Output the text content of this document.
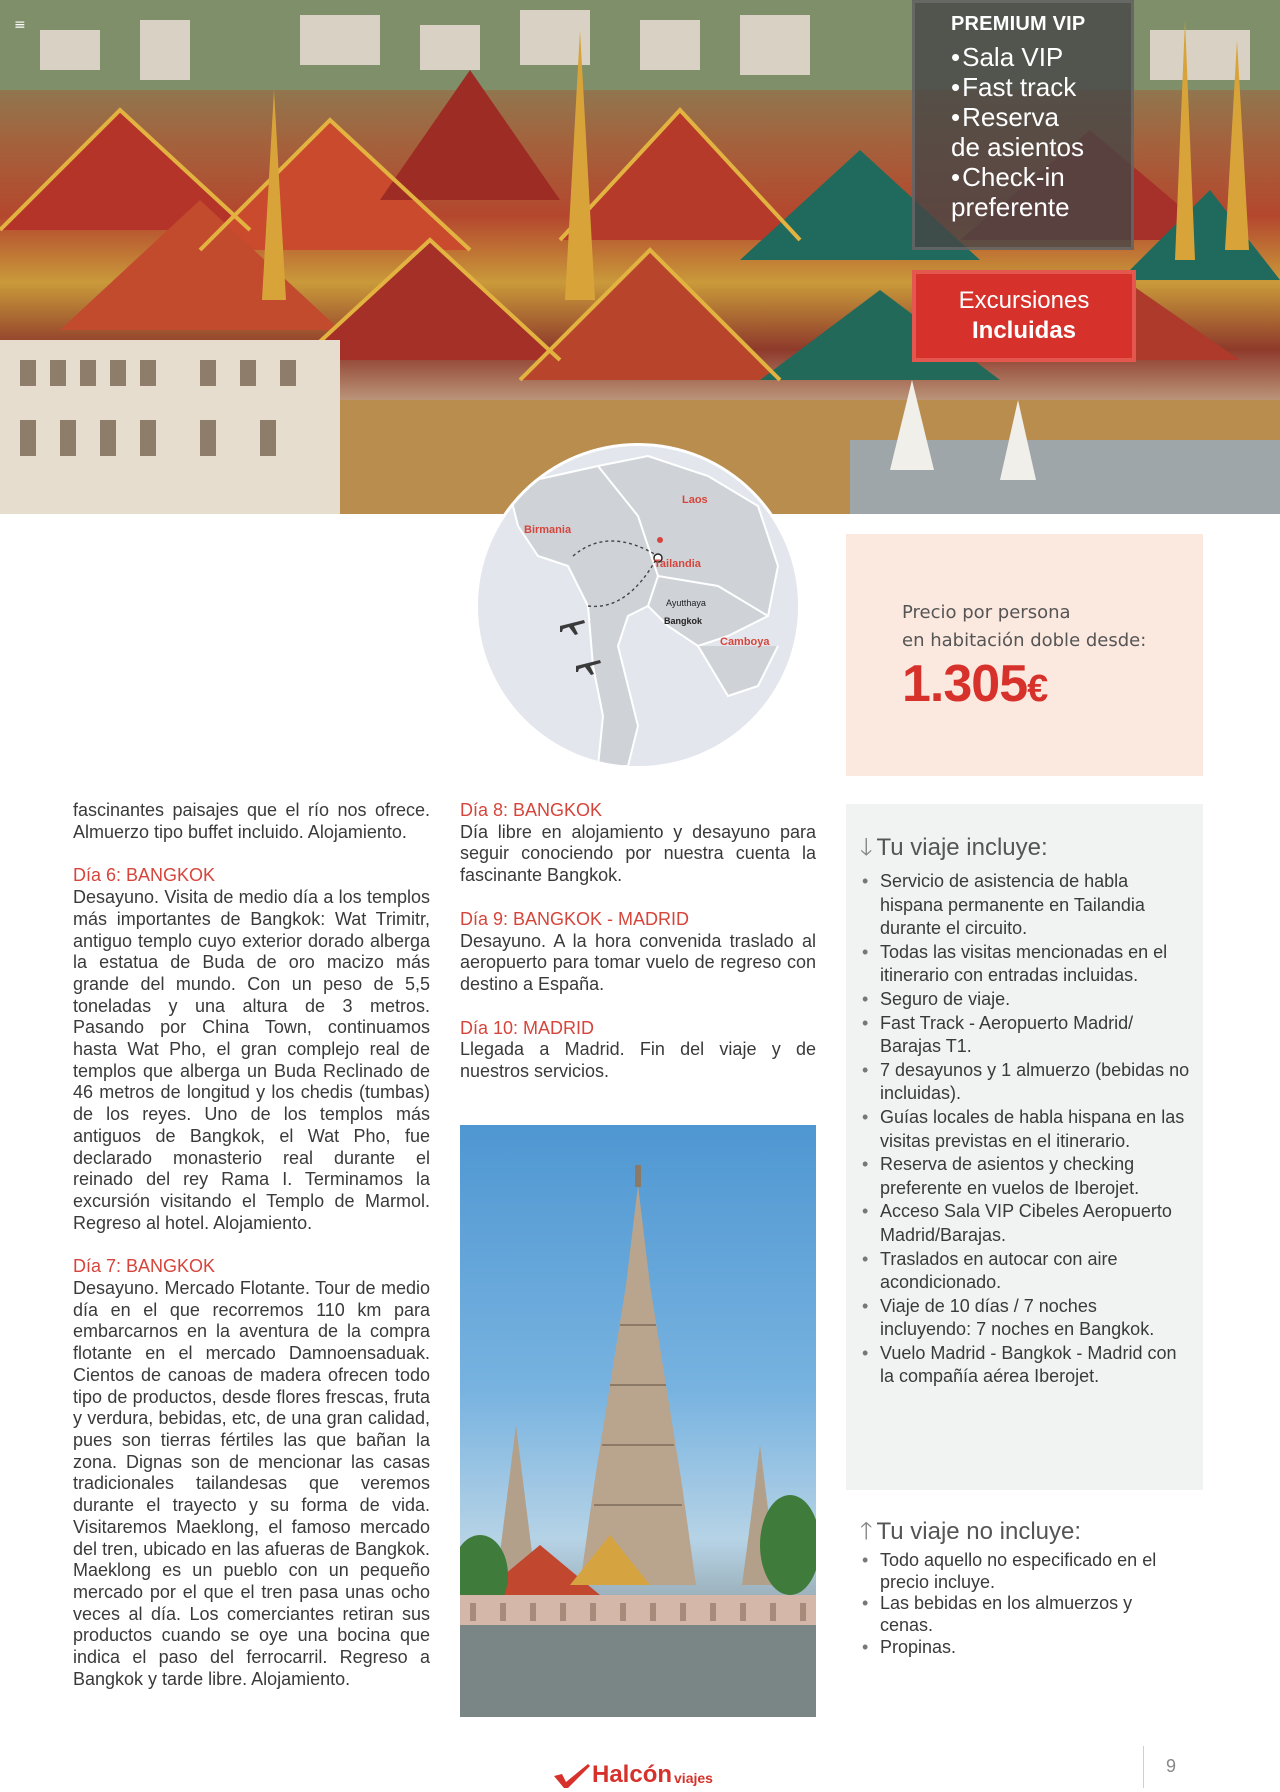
≡	PREMIUM VIP
•Sala VIP
•Fast track
•Reserva
de asientos
•Check-in
preferente
Excursiones
Incluidas
Birmania
Laos
Tailandia
Camboya
Ayutthaya
Bangkok	Precio por persona
en habitación doble desde:
1.305€

fascinantes paisajes que el río nos ofrece. Almuerzo tipo buffet incluido. Alojamiento.

Día 6: BANGKOK
Desayuno. Visita de medio día a los templos más importantes de Bangkok: Wat Trimitr, antiguo templo cuyo exterior dorado alberga la estatua de Buda de oro macizo más grande del mundo. Con un peso de 5,5 toneladas y una altura de 3 metros. Pasando por China Town, continuamos hasta Wat Pho, el gran complejo real de templos que alberga un Buda Reclinado de 46 metros de longitud y los chedis (tumbas) de los reyes. Uno de los templos más antiguos de Bangkok, el Wat Pho, fue declarado monasterio real durante el reinado del rey Rama I. Terminamos la excursión visitando el Templo de Marmol. Regreso al hotel. Alojamiento.
Día 7: BANGKOK
Desayuno. Mercado Flotante. Tour de medio día en el que recorremos 110 km para embarcarnos en la aventura de la compra flotante en el mercado Damnoensaduak. Cientos de canoas de madera ofrecen todo tipo de productos, desde flores frescas, fruta y verdura, bebidas, etc, de una gran calidad, pues son tierras fértiles las que bañan la zona. Dignas son de mencionar las casas tradicionales tailandesas que veremos durante el trayecto y su forma de vida. Visitaremos Maeklong, el famoso mercado del tren, ubicado en las afueras de Bangkok. Maeklong es un pueblo con un pequeño mercado por el que el tren pasa unas ocho veces al día. Los comerciantes retiran sus productos cuando se oye una bocina que indica el paso del ferrocarril. Regreso a Bangkok y tarde libre. Alojamiento.
Día 8: BANGKOK
Día libre en alojamiento y desayuno para seguir conociendo por nuestra cuenta la fascinante Bangkok.
Día 9: BANGKOK - MADRID
Desayuno. A la hora convenida traslado al aeropuerto para tomar vuelo de regreso con destino a España.
Día 10: MADRID
Llegada a Madrid. Fin del viaje y de nuestros servicios.
🡓 Tu viaje incluye:
• Servicio de asistencia de habla hispana permanente en Tailandia durante el circuito.
• Todas las visitas mencionadas en el itinerario con entradas incluidas.
• Seguro de viaje.
• Fast Track - Aeropuerto Madrid/ Barajas T1.
• 7 desayunos y 1 almuerzo (bebidas no incluidas).
• Guías locales de habla hispana en las visitas previstas en el itinerario.
• Reserva de asientos y checking preferente en vuelos de Iberojet.
• Acceso Sala VIP Cibeles Aeropuerto Madrid/Barajas.
• Traslados en autocar con aire acondicionado.
• Viaje de 10 días / 7 noches incluyendo: 7 noches en Bangkok.
• Vuelo Madrid - Bangkok - Madrid con la compañía aérea Iberojet.
🡑 Tu viaje no incluye:
• Todo aquello no especificado en el precio incluye.
• Las bebidas en los almuerzos y cenas.
• Propinas.
Halcón viajes
9
